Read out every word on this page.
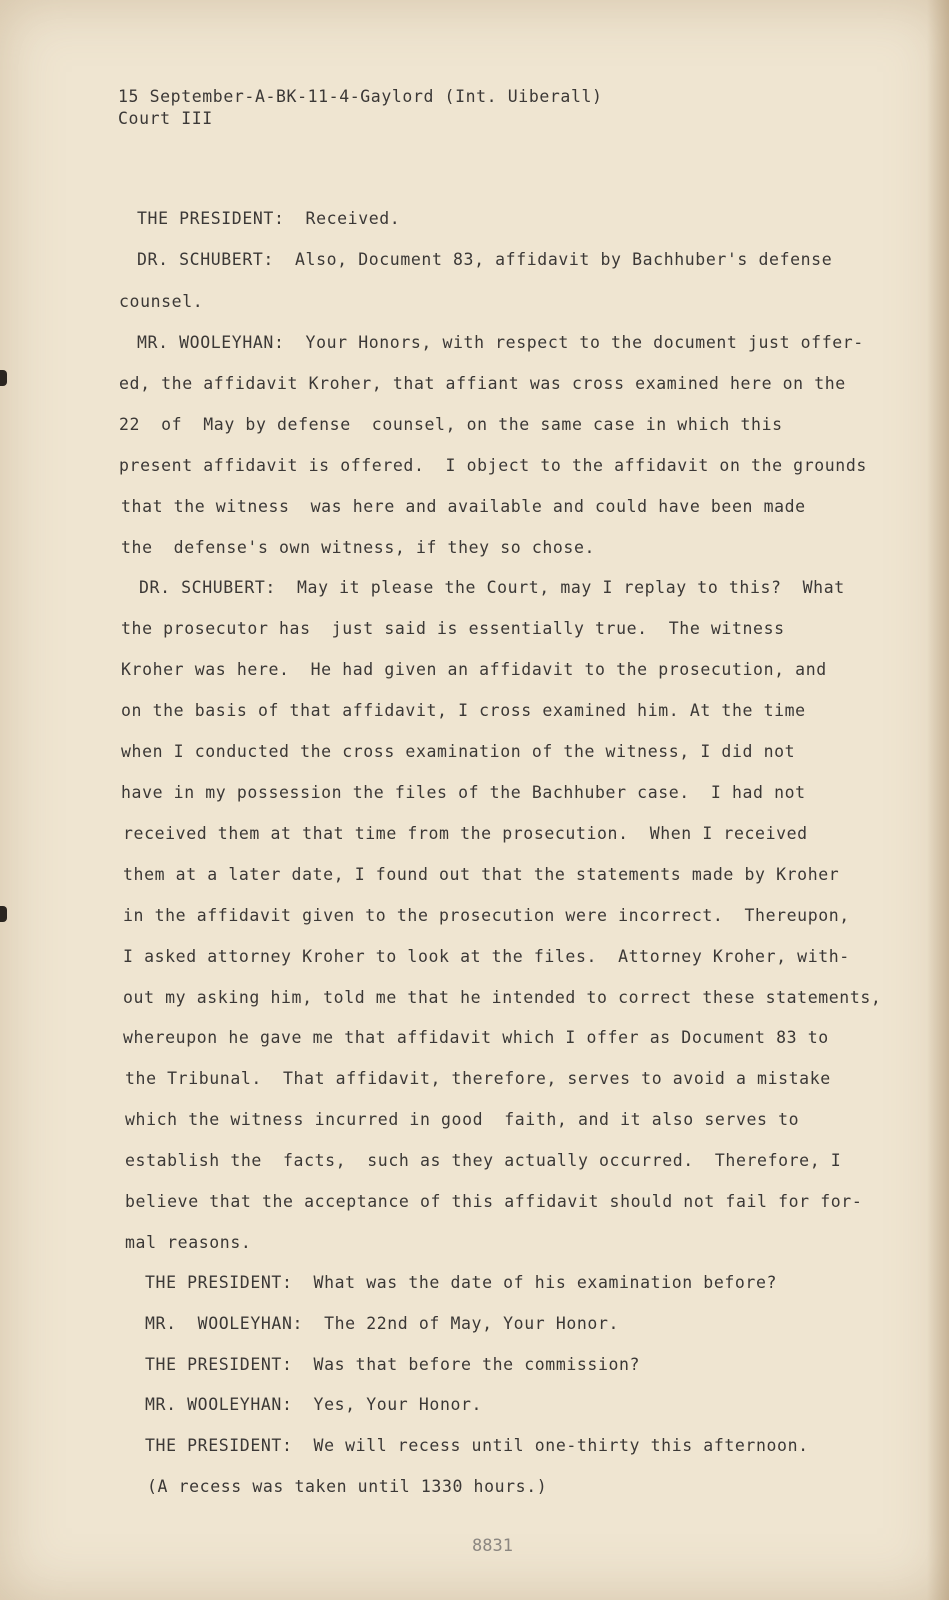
15 September-A-BK-11-4-Gaylord (Int. Uiberall)

Court III

THE PRESIDENT:  Received.

DR. SCHUBERT:  Also, Document 83, affidavit by Bachhuber's defense

counsel.

MR. WOOLEYHAN:  Your Honors, with respect to the document just offer-

ed, the affidavit Kroher, that affiant was cross examined here on the

22  of  May by defense  counsel, on the same case in which this

present affidavit is offered.  I object to the affidavit on the grounds

that the witness  was here and available and could have been made

the  defense's own witness, if they so chose.

DR. SCHUBERT:  May it please the Court, may I replay to this?  What

the prosecutor has  just said is essentially true.  The witness

Kroher was here.  He had given an affidavit to the prosecution, and

on the basis of that affidavit, I cross examined him. At the time

when I conducted the cross examination of the witness, I did not

have in my possession the files of the Bachhuber case.  I had not

received them at that time from the prosecution.  When I received

them at a later date, I found out that the statements made by Kroher

in the affidavit given to the prosecution were incorrect.  Thereupon,

I asked attorney Kroher to look at the files.  Attorney Kroher, with-

out my asking him, told me that he intended to correct these statements,

whereupon he gave me that affidavit which I offer as Document 83 to

the Tribunal.  That affidavit, therefore, serves to avoid a mistake

which the witness incurred in good  faith, and it also serves to

establish the  facts,  such as they actually occurred.  Therefore, I

believe that the acceptance of this affidavit should not fail for for-

mal reasons.

THE PRESIDENT:  What was the date of his examination before?

MR.  WOOLEYHAN:  The 22nd of May, Your Honor.

THE PRESIDENT:  Was that before the commission?

MR. WOOLEYHAN:  Yes, Your Honor.

THE PRESIDENT:  We will recess until one-thirty this afternoon.

(A recess was taken until 1330 hours.)

8831
